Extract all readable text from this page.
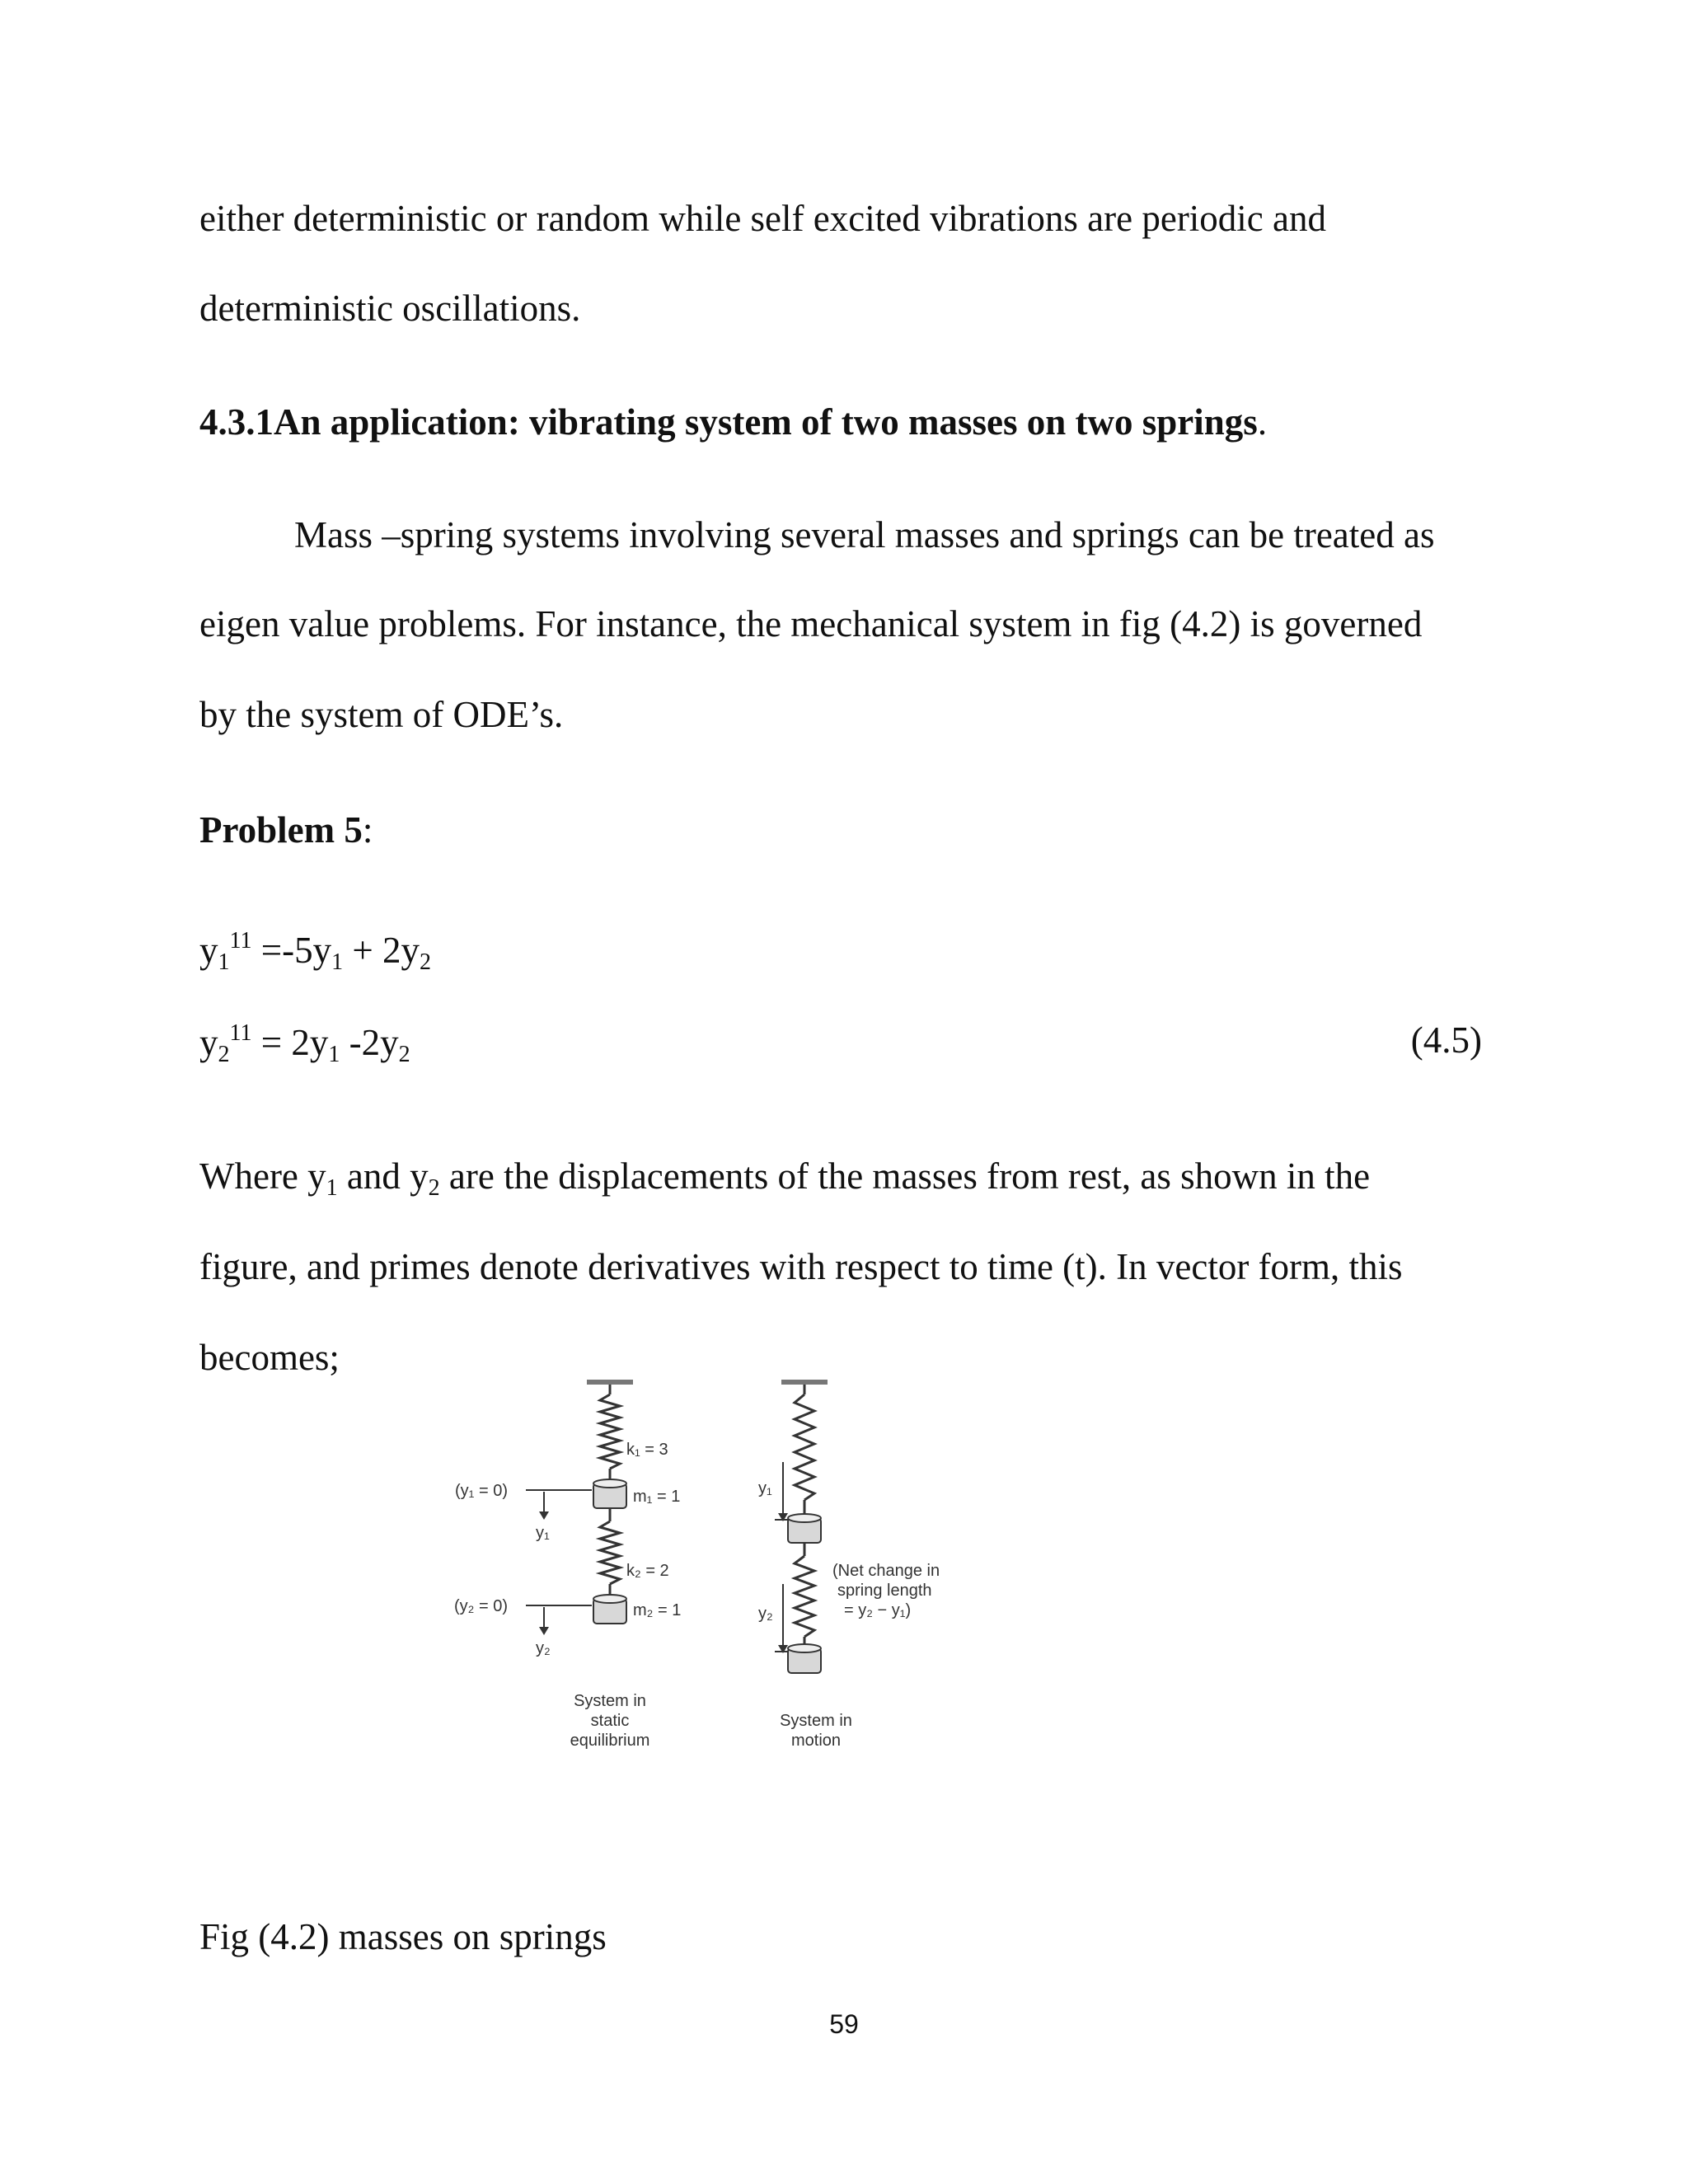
either deterministic or random while self excited vibrations are periodic and
deterministic oscillations.
4.3.1An application: vibrating system of two masses on two springs.
Mass –spring systems involving several masses and springs can be treated as
eigen value problems. For instance, the mechanical system in fig (4.2) is governed
by the system of ODE’s.
Problem 5:
$y_1^{11} =-5y_1 + 2y_2$
$y_2^{11} = 2y_1$ $-2y_2$	(4.5)
Where $y_1$ and $y_2$ are the displacements of the masses from rest, as shown in the
figure, and primes denote derivatives with respect to time (t). In vector form, this
becomes;
k₁ = 3
m₁ = 1
k₂ = 2
m₂ = 1
(y₁ = 0)
(y₂ = 0)
y₁
y₂
y₁
y₂
(Net change in
spring length
= y₂ − y₁)
System in
static
equilibrium
System in
motion
Fig (4.2) masses on springs
59
